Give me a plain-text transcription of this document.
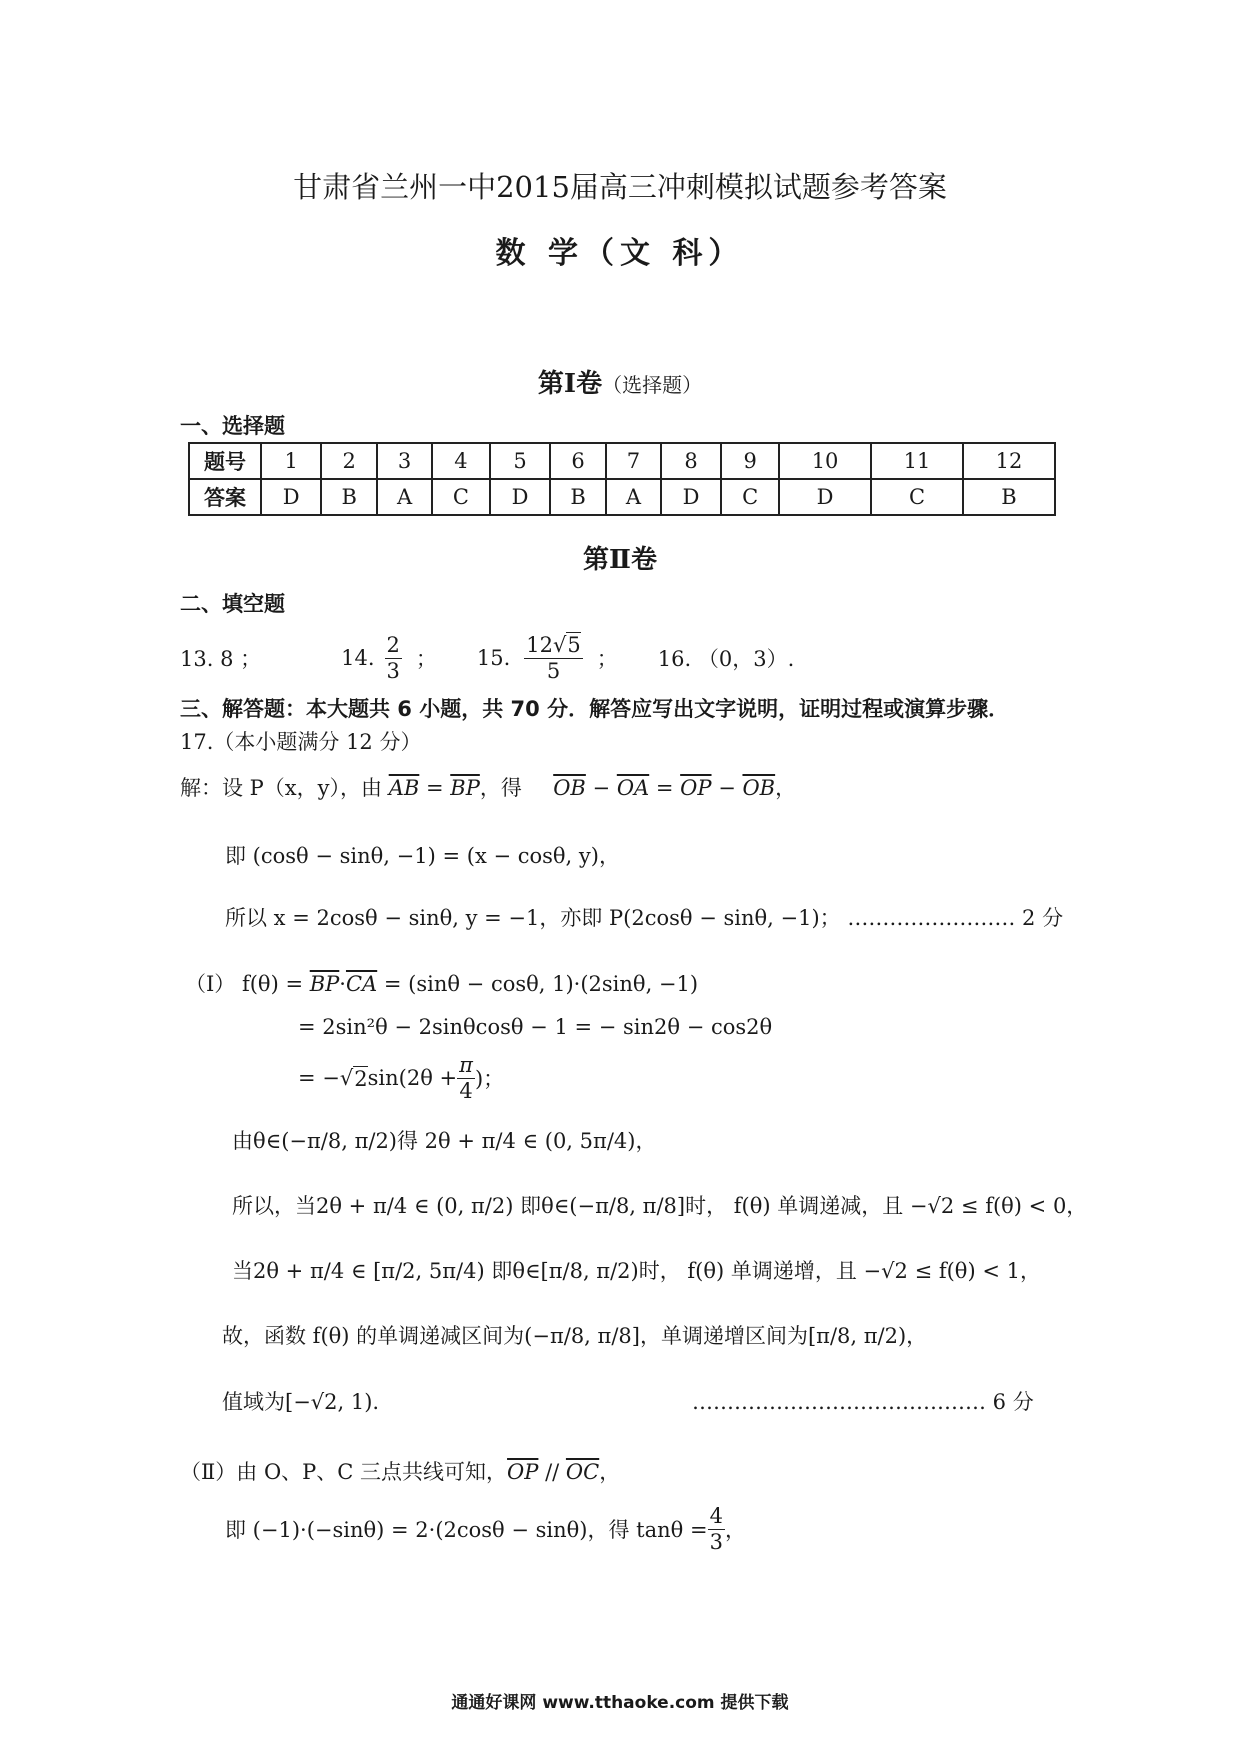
甘肃省兰州一中2015届高三冲刺模拟试题参考答案
数 学（文 科）
第Ⅰ卷（选择题）
一、选择题
题号	1	2	3	4	5	6	7	8	9	10	11	12
答案	D	B	A	C	D	B	A	D	C	D	C	B
第Ⅱ卷
二、填空题
13. 8 ；	14. $\frac{2}{3}$ ； 15. $\frac{12√5}{5}$ ； 16. （0，3）.
三、解答题：本大题共 6 小题，共 70 分．解答应写出文字说明，证明过程或演算步骤．
17.（本小题满分 12 分）
解：设 P（x，y），由 $\overline{AB} = \overline{BP}$，得 $\overline{OB} - \overline{OA} = \overline{OP} - \overline{OB}$，
即 (cosθ − sinθ, −1) = (x − cosθ, y)，
所以 x = 2cosθ − sinθ, y = −1，亦即 P(2cosθ − sinθ, −1)； …………………… 2 分
（Ⅰ） $f(\theta) = \overline{BP}\cdot\overline{CA} = (\sin\theta - \cos\theta$, 1)·(2sinθ, −1)
= 2sin²θ − 2sinθcosθ − 1 = − sin2θ − cos2θ
= − √ 2 $\sin(2\theta + \frac{\pi}{4}$ )；
由θ∈(−π/8, π/2)得 2θ + π/4 ∈ (0, 5π/4)，
所以，当2θ + π/4 ∈ (0, π/2) 即θ∈(−π/8, π/8]时， f(θ) 单调递减，且 −√2 ≤ f(θ) < 0，
当2θ + π/4 ∈ [π/2, 5π/4) 即θ∈[π/8, π/2)时， f(θ) 单调递增，且 −√2 ≤ f(θ) < 1，
故，函数 f(θ) 的单调递减区间为(−π/8, π/8]，单调递增区间为[π/8, π/2)，
值域为[−√2, 1).	…………………………………… 6 分
（Ⅱ）由 O、P、C 三点共线可知，$\overline{OP} // \overline{OC}$，
即 (−1)·(−sinθ) = 2·(2cosθ − sinθ)，得 $\tan\theta = \frac{4}{3}$ ，
通通好课网 www.tthaoke.com 提供下载
